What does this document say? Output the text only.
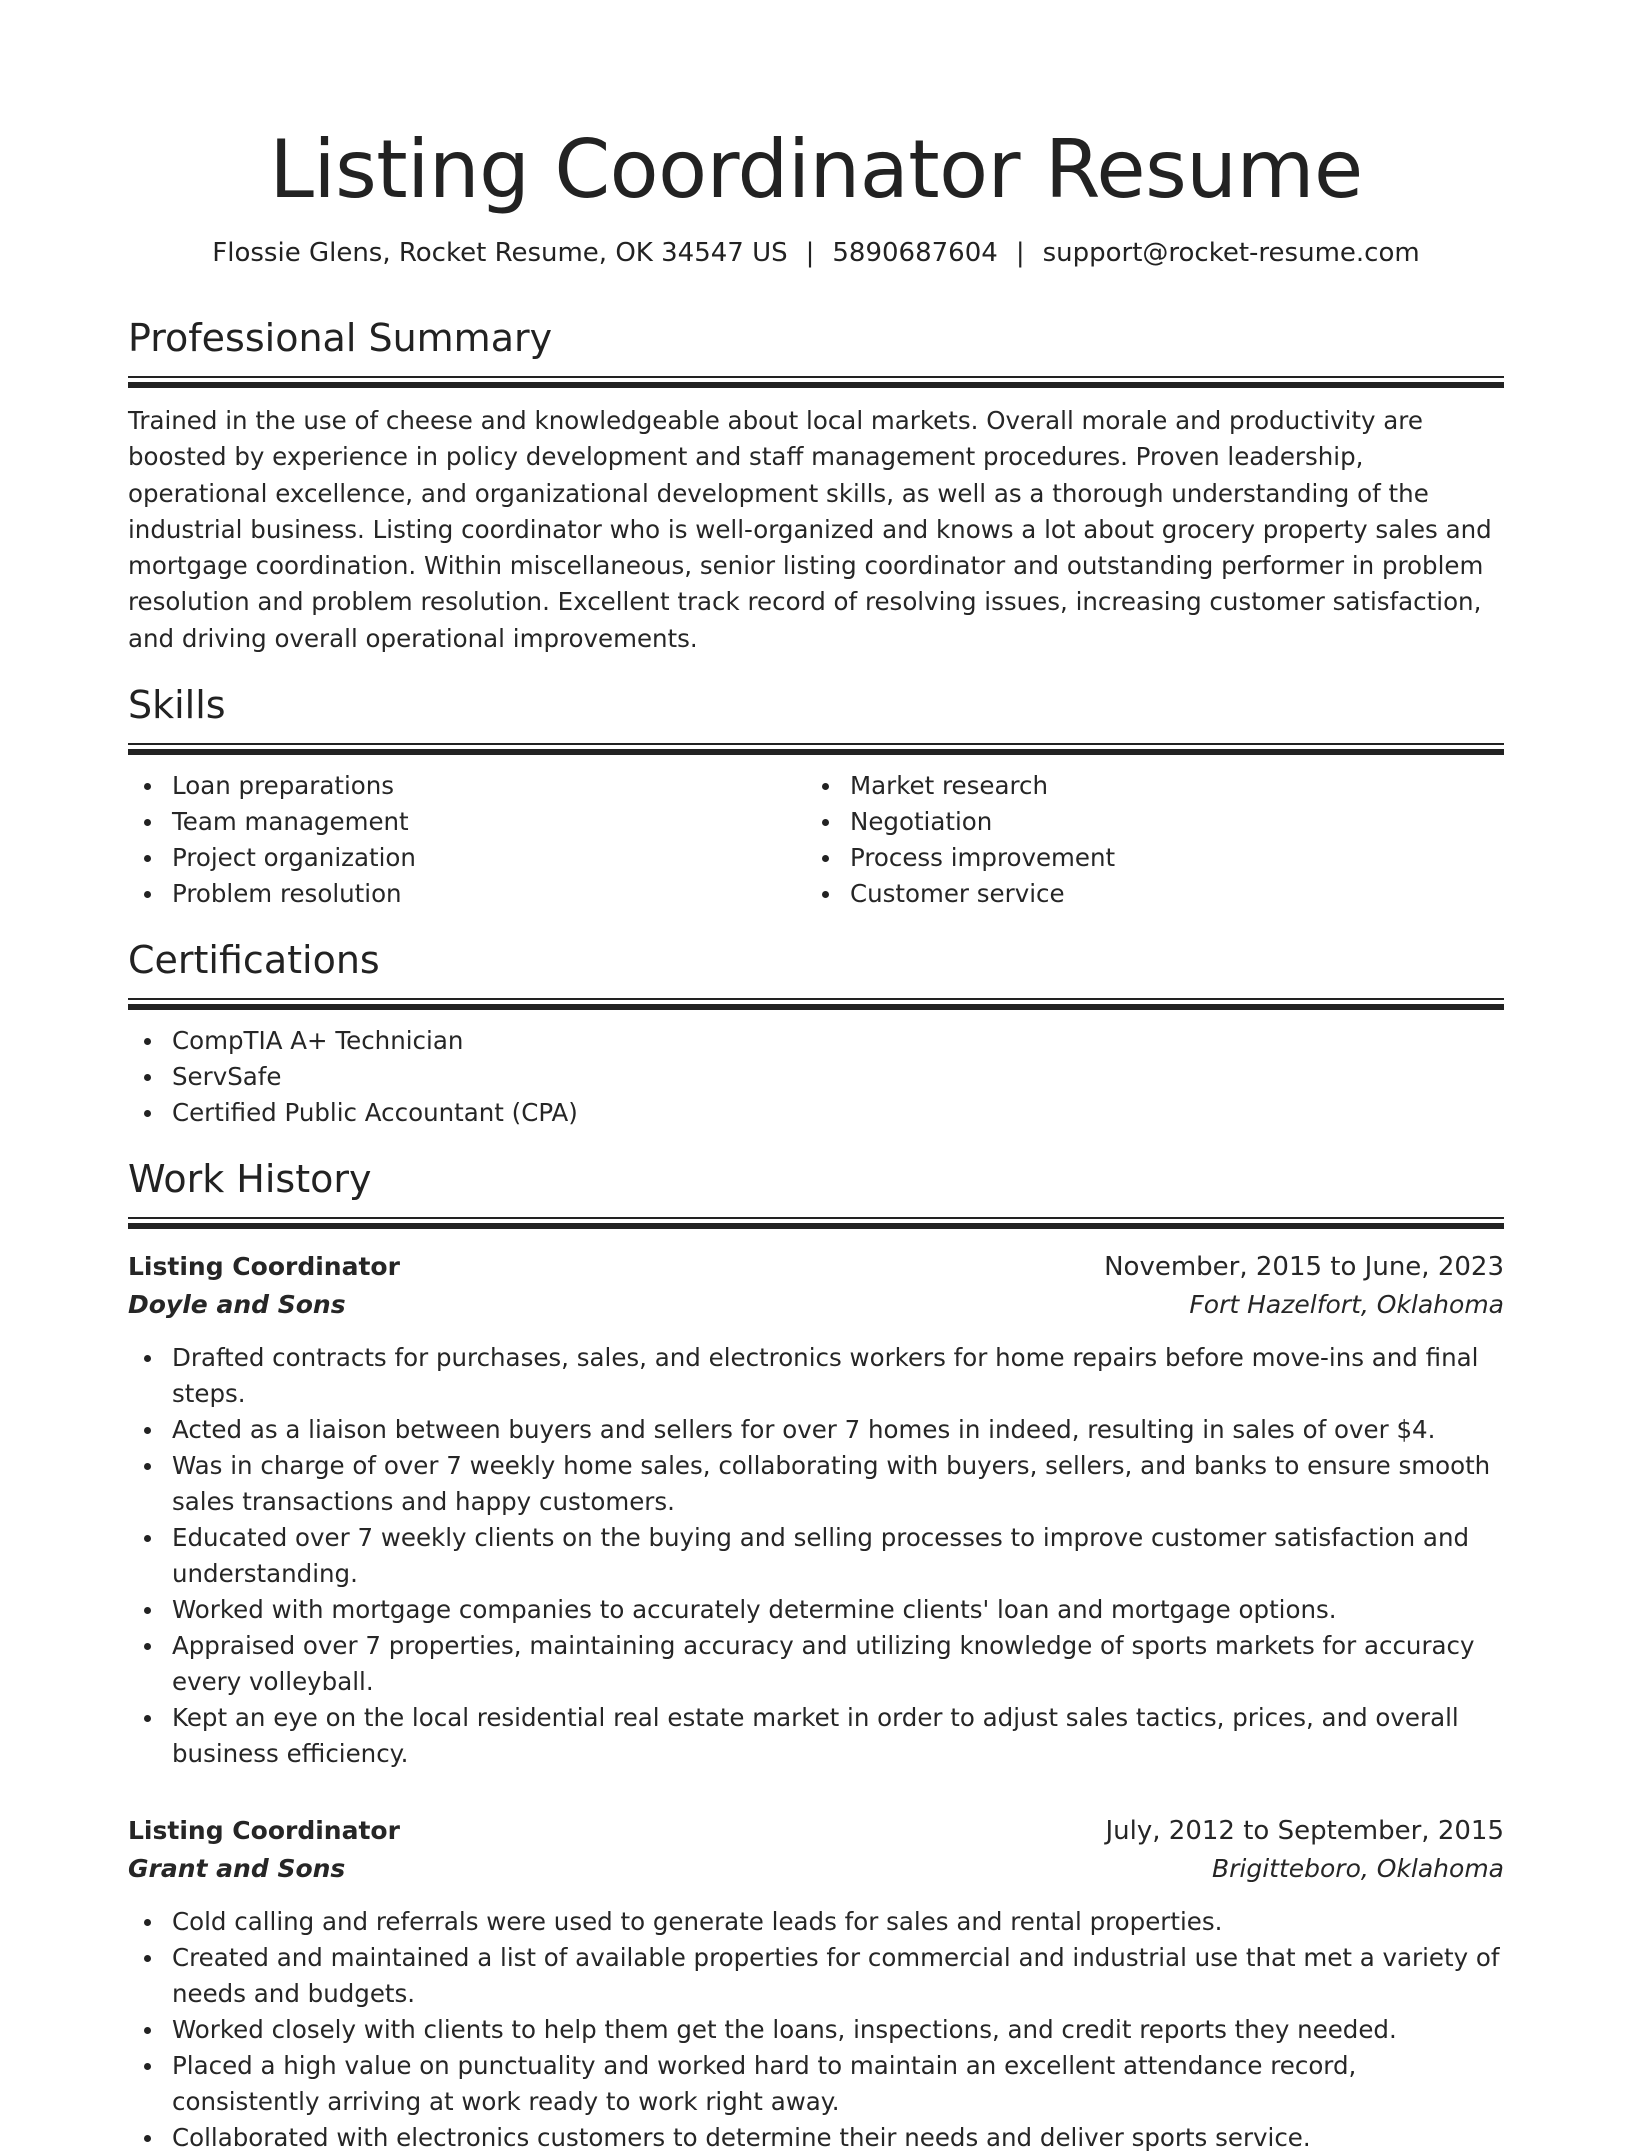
Listing Coordinator Resume
Flossie Glens, Rocket Resume, OK 34547 US | 5890687604 | support@rocket-resume.com
Professional Summary

Trained in the use of cheese and knowledgeable about local markets. Overall morale and productivity are boosted by experience in policy development and staff management procedures. Proven leadership, operational excellence, and organizational development skills, as well as a thorough understanding of the industrial business. Listing coordinator who is well-organized and knows a lot about grocery property sales and mortgage coordination. Within miscellaneous, senior listing coordinator and outstanding performer in problem resolution and problem resolution. Excellent track record of resolving issues, increasing customer satisfaction, and driving overall operational improvements.

Skills
Loan preparations
Team management
Project organization
Problem resolution
Market research
Negotiation
Process improvement
Customer service
Certifications
CompTIA A+ Technician
ServSafe
Certified Public Accountant (CPA)
Work History
Listing Coordinator	November, 2015 to June, 2023
Doyle and Sons	Fort Hazelfort, Oklahoma
Drafted contracts for purchases, sales, and electronics workers for home repairs before move-ins and final steps.
Acted as a liaison between buyers and sellers for over 7 homes in indeed, resulting in sales of over $4.
Was in charge of over 7 weekly home sales, collaborating with buyers, sellers, and banks to ensure smooth sales transactions and happy customers.
Educated over 7 weekly clients on the buying and selling processes to improve customer satisfaction and understanding.
Worked with mortgage companies to accurately determine clients' loan and mortgage options.
Appraised over 7 properties, maintaining accuracy and utilizing knowledge of sports markets for accuracy every volleyball.
Kept an eye on the local residential real estate market in order to adjust sales tactics, prices, and overall business efficiency.
Listing Coordinator	July, 2012 to September, 2015
Grant and Sons	Brigitteboro, Oklahoma
Cold calling and referrals were used to generate leads for sales and rental properties.
Created and maintained a list of available properties for commercial and industrial use that met a variety of needs and budgets.
Worked closely with clients to help them get the loans, inspections, and credit reports they needed.
Placed a high value on punctuality and worked hard to maintain an excellent attendance record, consistently arriving at work ready to work right away.
Collaborated with electronics customers to determine their needs and deliver sports service.
